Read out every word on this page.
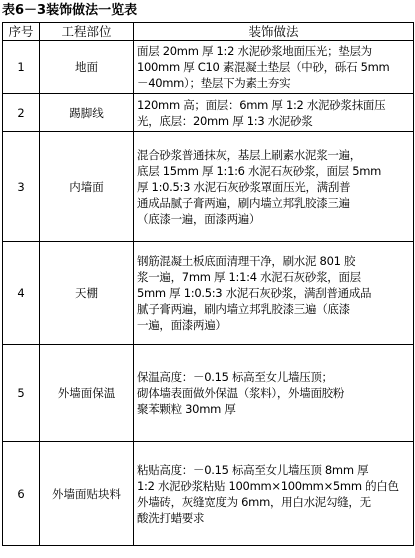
表6－3装饰做法一览表
序号	工程部位	装饰做法
1	地面	面层 20mm 厚 1:2 水泥砂浆地面压光；垫层为
100mm 厚 C10 素混凝土垫层（中砂，砾石 5mm
－40mm）；垫层下为素土夯实

2	踢脚线	120mm 高；面层：6mm 厚 1:2 水泥砂浆抹面压
光，底层：20mm 厚 1:3 水泥砂浆

3	内墙面	混合砂浆普通抹灰，基层上刷素水泥浆一遍，
底层 15mm 厚 1:1:6 水泥石灰砂浆，面层 5mm
厚 1:0.5:3 水泥石灰砂浆罩面压光，满刮普
通成品腻子膏两遍，刷内墙立邦乳胶漆三遍
（底漆一遍，面漆两遍）

4	天棚	钢筋混凝土板底面清理干净，刷水泥 801 胶
浆一遍，7mm 厚 1:1:4 水泥石灰砂浆，面层
5mm 厚 1:0.5:3 水泥石灰砂浆，满刮普通成品
腻子膏两遍，刷内墙立邦乳胶漆三遍（底漆
一遍，面漆两遍）

5	外墙面保温	保温高度：－0.15 标高至女儿墙压顶；
砌体墙表面做外保温（浆料），外墙面胶粉
聚苯颗粒 30mm 厚

6	外墙面贴块料	粘贴高度：－0.15 标高至女儿墙压顶 8mm 厚
1:2 水泥砂浆粘贴 100mm×100mm×5mm 的白色
外墙砖，灰缝宽度为 6mm，用白水泥勾缝，无
酸洗打蜡要求
